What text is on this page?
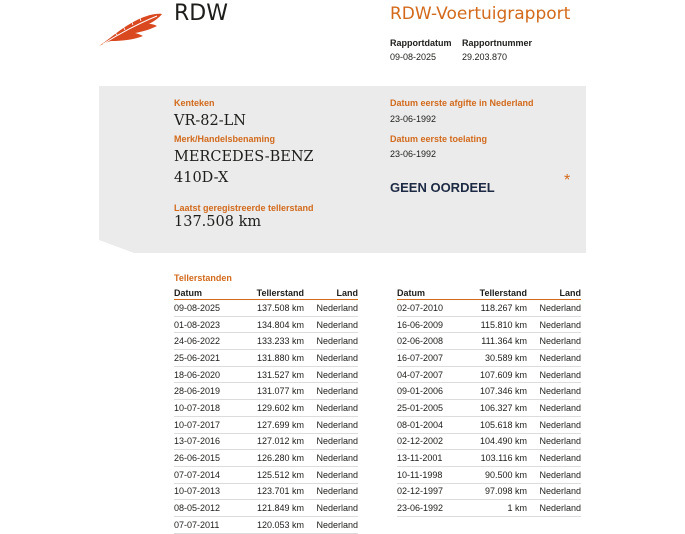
RDW	RDW-Voertuigrapport
Rapportdatum
09-08-2025
Rapportnummer
29.203.870
Kenteken
VR-82-LN
Merk/Handelsbenaming
MERCEDES-BENZ
410D-X
Laatst geregistreerde tellerstand
137.508 km
Datum eerste afgifte in Nederland
23-06-1992
Datum eerste toelating
23-06-1992
GEEN OORDEEL	*
Tellerstanden
Datum	Tellerstand	Land
09-08-2025	137.508 km	Nederland
01-08-2023	134.804 km	Nederland
24-06-2022	133.233 km	Nederland
25-06-2021	131.880 km	Nederland
18-06-2020	131.527 km	Nederland
28-06-2019	131.077 km	Nederland
10-07-2018	129.602 km	Nederland
10-07-2017	127.699 km	Nederland
13-07-2016	127.012 km	Nederland
26-06-2015	126.280 km	Nederland
07-07-2014	125.512 km	Nederland
10-07-2013	123.701 km	Nederland
08-05-2012	121.849 km	Nederland
07-07-2011	120.053 km	Nederland
Datum	Tellerstand	Land
02-07-2010	118.267 km	Nederland
16-06-2009	115.810 km	Nederland
02-06-2008	111.364 km	Nederland
16-07-2007	30.589 km	Nederland
04-07-2007	107.609 km	Nederland
09-01-2006	107.346 km	Nederland
25-01-2005	106.327 km	Nederland
08-01-2004	105.618 km	Nederland
02-12-2002	104.490 km	Nederland
13-11-2001	103.116 km	Nederland
10-11-1998	90.500 km	Nederland
02-12-1997	97.098 km	Nederland
23-06-1992	1 km	Nederland
